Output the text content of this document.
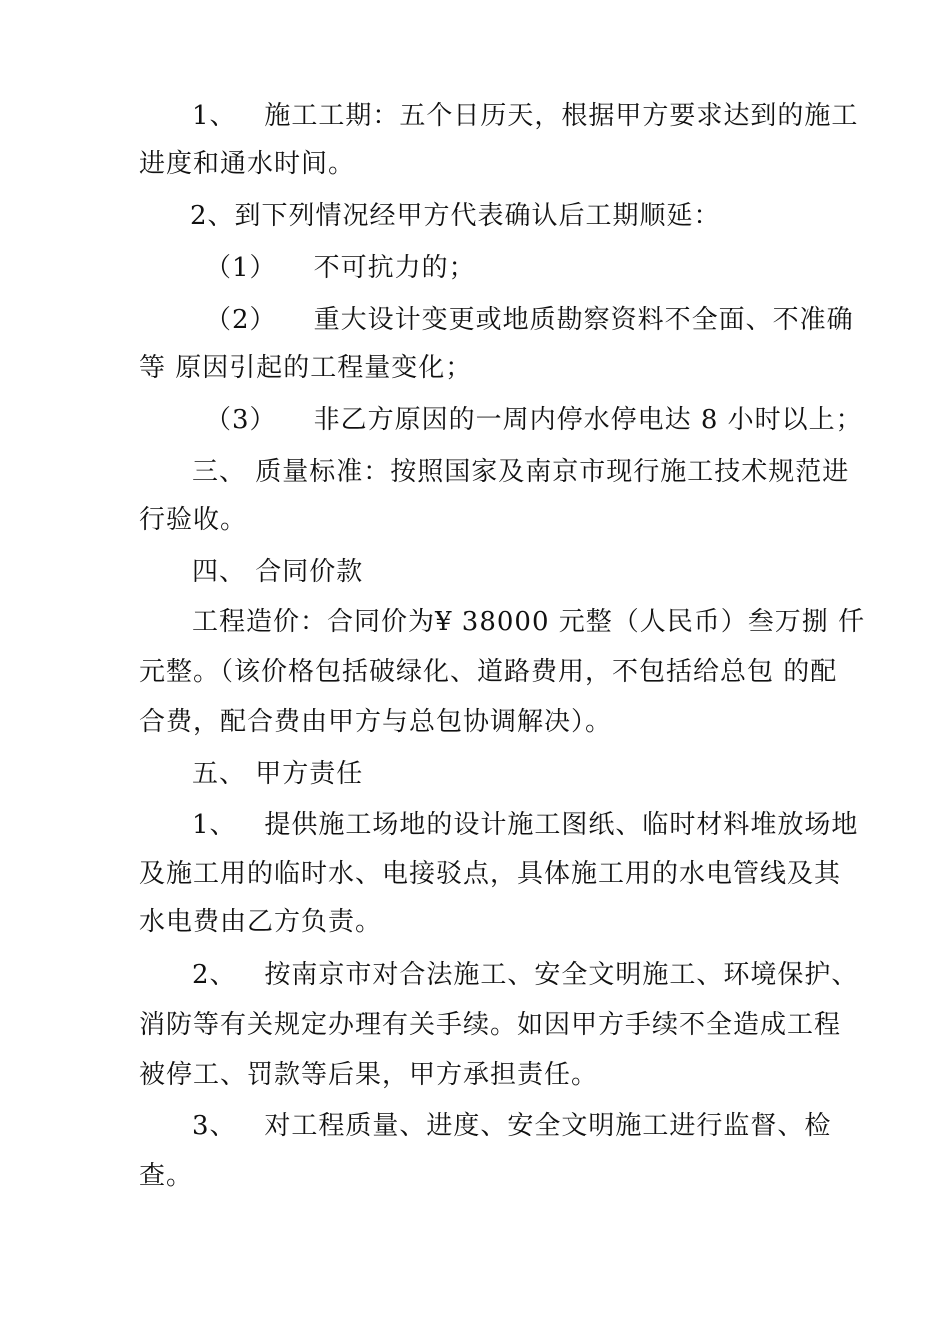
1、   施工工期：五个日历天，根据甲方要求达到的施工
进度和通水时间。
2、到下列情况经甲方代表确认后工期顺延：
（1）    不可抗力的；
（2）    重大设计变更或地质勘察资料不全面、不准确
等 原因引起的工程量变化；
（3）    非乙方原因的一周内停水停电达 8 小时以上；
三、 质量标准：按照国家及南京市现行施工技术规范进
行验收。
四、 合同价款
工程造价：合同价为¥ 38000 元整（人民币）叁万捌 仟
元整。（该价格包括破绿化、道路费用，不包括给总包 的配
合费，配合费由甲方与总包协调解决）。
五、 甲方责任
1、   提供施工场地的设计施工图纸、临时材料堆放场地
及施工用的临时水、电接驳点，具体施工用的水电管线及其
水电费由乙方负责。
2、   按南京市对合法施工、安全文明施工、环境保护、
消防等有关规定办理有关手续。如因甲方手续不全造成工程
被停工、罚款等后果，甲方承担责任。
3、   对工程质量、进度、安全文明施工进行监督、检
查。
